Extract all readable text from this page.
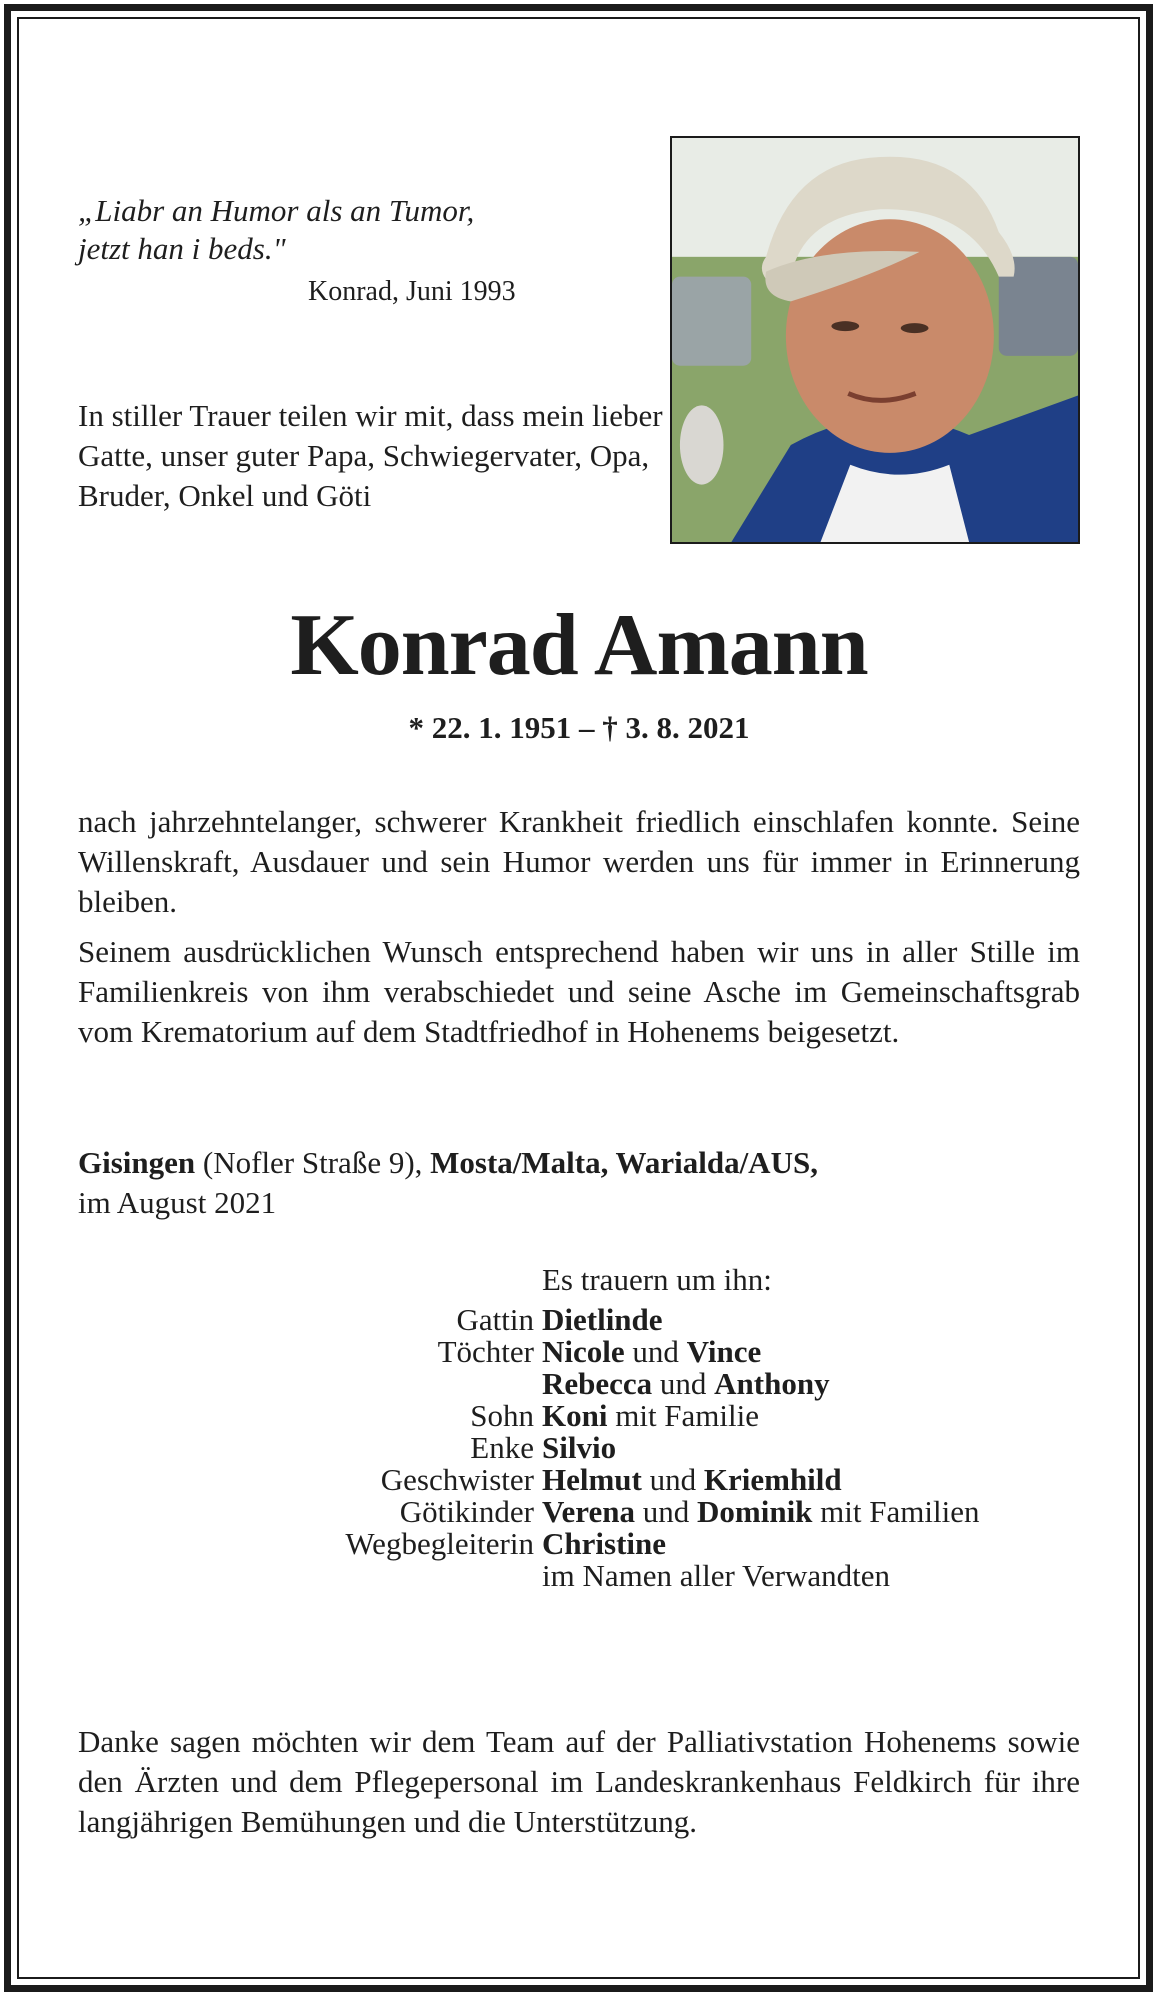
„Liabr an Humor als an Tumor,

jetzt han i beds."

Konrad, Juni 1993

In stiller Trauer teilen wir mit, dass mein lieber Gatte, unser guter Papa, Schwiegervater, Opa, Bruder, Onkel und Göti

Konrad Amann

* 22. 1. 1951 – † 3. 8. 2021

nach jahrzehntelanger, schwerer Krankheit friedlich einschlafen konnte. Seine Willenskraft, Ausdauer und sein Humor werden uns für immer in Erinnerung bleiben.

Seinem ausdrücklichen Wunsch entsprechend haben wir uns in aller Stille im Familienkreis von ihm verabschiedet und seine Asche im Gemeinschaftsgrab vom Krematorium auf dem Stadtfriedhof in Hohenems beigesetzt.

Gisingen (Nofler Straße 9), Mosta/Malta, Warialda/AUS,
im August 2021

Es trauern um ihn:
Gattin Dietlinde
Töchter Nicole und Vince
Rebecca und Anthony
Sohn Koni mit Familie
Enke Silvio
Geschwister Helmut und Kriemhild
Götikinder Verena und Dominik mit Familien
Wegbegleiterin Christine
im Namen aller Verwandten

Danke sagen möchten wir dem Team auf der Palliativstation Hohenems sowie den Ärzten und dem Pflegepersonal im Landeskrankenhaus Feldkirch für ihre langjährigen Bemühungen und die Unterstützung.
